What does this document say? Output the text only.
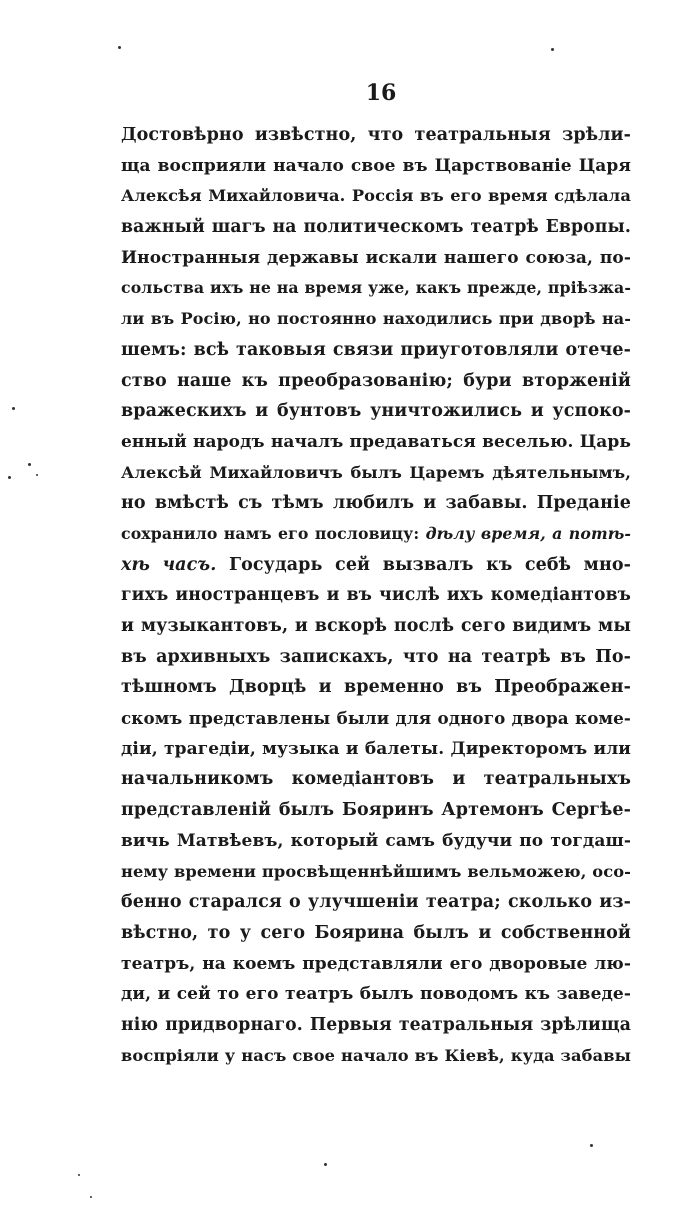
16
Достовѣрно извѣстно, что театральныя зрѣли-
ща восприяли начало свое въ Царствованіе Царя
Алексѣя Михайловича. Россія въ его время сдѣлала
важный шагъ на политическомъ театрѣ Европы.
Иностранныя державы искали нашего союза, по-
сольства ихъ не на время уже, какъ прежде, пріѣзжа-
ли въ Росію, но постоянно находились при дворѣ на-
шемъ: всѣ таковыя связи приуготовляли отече-
ство наше къ преобразованію; бури вторженій
вражескихъ и бунтовъ уничтожились и успоко-
енный народъ началъ предаваться веселью. Царь
Алексѣй Михайловичъ былъ Царемъ дѣятельнымъ,
но вмѣстѣ съ тѣмъ любилъ и забавы. Преданіе
сохранило намъ его пословицу: дѣлу время, а потѣ-
хѣ часъ. Государь сей вызвалъ къ себѣ мно-
гихъ иностранцевъ и въ числѣ ихъ комедіантовъ
и музыкантовъ, и вскорѣ послѣ сего видимъ мы
въ архивныхъ запискахъ, что на театрѣ въ По-
тѣшномъ Дворцѣ и временно въ Преображен-
скомъ представлены были для одного двора коме-
діи, трагедіи, музыка и балеты. Директоромъ или
начальникомъ комедіантовъ и театральныхъ
представленій былъ Бояринъ Артемонъ Сергѣе-
вичь Матвѣевъ, который самъ будучи по тогдаш-
нему времени просвѣщеннѣйшимъ вельможею, осо-
бенно старался о улучшеніи театра; сколько из-
вѣстно, то у сего Боярина былъ и собственной
театръ, на коемъ представляли его дворовые лю-
ди, и сей то его театръ былъ поводомъ къ заведе-
нію придворнаго. Первыя театральныя зрѣлища
воспріяли у насъ свое начало въ Кіевѣ, куда забавы
